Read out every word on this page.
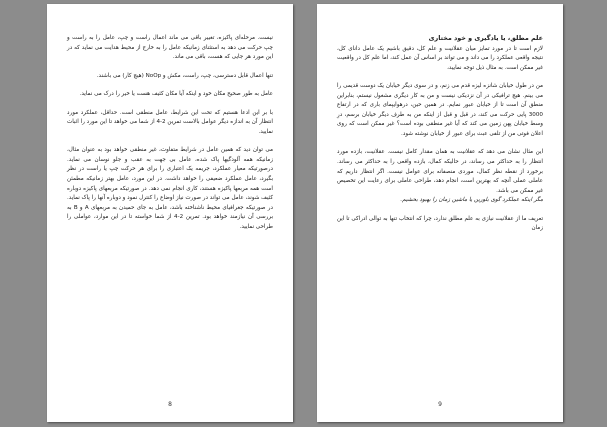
نیست. مرحله‌ای پاکیزه، تغییر باقی می ماند اعمال راست و چپ، عامل را به راست و چپ حرکت می دهد به استثنای زمانیکه عامل را به خارج از محیط هدایت می نماید که در این مورد هر جایی که هست، باقی می ماند.

تنها اعمال قابل دسترسی، چپ، راست، مکش و NoOp (هیچ کار) می باشند.

عامل به طور صحیح مکان خود و اینکه آیا مکان کثیف هست یا خیر را درک می نماید.

با بر این ادعا هستیم که تحت این شرایط، عامل منطقی است. حداقل، عملکرد مورد انتظار آن به اندازه دیگر عوامل بالاست تمرین 2-4 از شما می خواهد تا این مورد را اثبات نمایید.

می توان دید که همین عامل در شرایط متفاوت، غیر منطقی خواهد بود به عنوان مثال، زمانیکه همه آلودگیها پاک شده، عامل بی جهت به عقب و جلو نوسان می نماید. درصورتیکه معیار عملکرد، جریمه یک اعتباری را برای هر حرکت چپ یا راست در نظر بگیرد، عامل عملکرد ضعیفی را خواهد داشت. در این مورد، عامل بهتر زمانیکه مطمئن است همه مربعها پاکیزه هستند، کاری انجام نمی دهد. در صورتیکه مربعهای پاکیزه دوباره کثیف شوند، عامل می تواند در صورت نیاز اوضاع را کنترل نمود و دوباره آنها را پاک نماید. در صورتیکه جغرافیای محیط ناشناخته باشد، عامل به جای حمیدن به مربعهای A و B به بررسی آن نیازمند خواهد بود. تمرین 2-4 از شما خواسته تا در این موارد، عواملی را طراحی نمایید.

8

علم مطلق، یا یادگیری و خود مختاری

لازم است تا در مورد تمایز میان عقلانیت و علم کل، دقیق باشیم یک عامل دانای کل، نتیجه واقعی عملکرد را می داند و می تواند بر اساس آن عمل کند، اما علم کل در واقعیت غیر ممکن است. به مثال ذیل توجه نمایید،

من در طول خیابان شانزه لیزه قدم می زنم، و در سوی دیگر خیابان یک دوست قدیمی را می بینم. هیچ ترافیکی در آن نزدیکی نیست و من به کار دیگری مشغول نیستم، بنابراین منطق آن است تا از خیابان عبور نمایم. در همین حین، درهوایپمای باری که در ارتفاع 3000 پایی حرکت می کند، در قبل و قبل از اینکه من به طرف دیگر خیابان برسم، درِ وسط خیابان پهن زمین می کند که آیا غیر منطقی بوده است؟ غیر ممکن است که روی اعلان فوتی من از تلفی عبث برای عبور از خیابان نوشته شود.

این مثال نشان می دهد که عقلانیت به همان مقدار کامل نیست. عقلانیت، بازده مورد انتظار را به حداکثر می رساند، در حالیکه کمال، بازده واقعی را به حداکثر می رساند. برخورد از نقطه نظر کمال، موردی منصفانه برای عوامل نیست. اگر انتظار داریم که عاملی عملی آنچه که بهترین است، انجام دهد، طراحی عاملی برای رعایت این تخصیص غیر ممکن می باشد.

مگر اینکه عملکرد گوی بلورین یا ماشین زمان را بهبود بخشیم.

تعریف ما از عقلانیت نیازی به علم مطلق ندارد، چرا که انتخاب تنها به توالی ادراکی تا این زمان

9
